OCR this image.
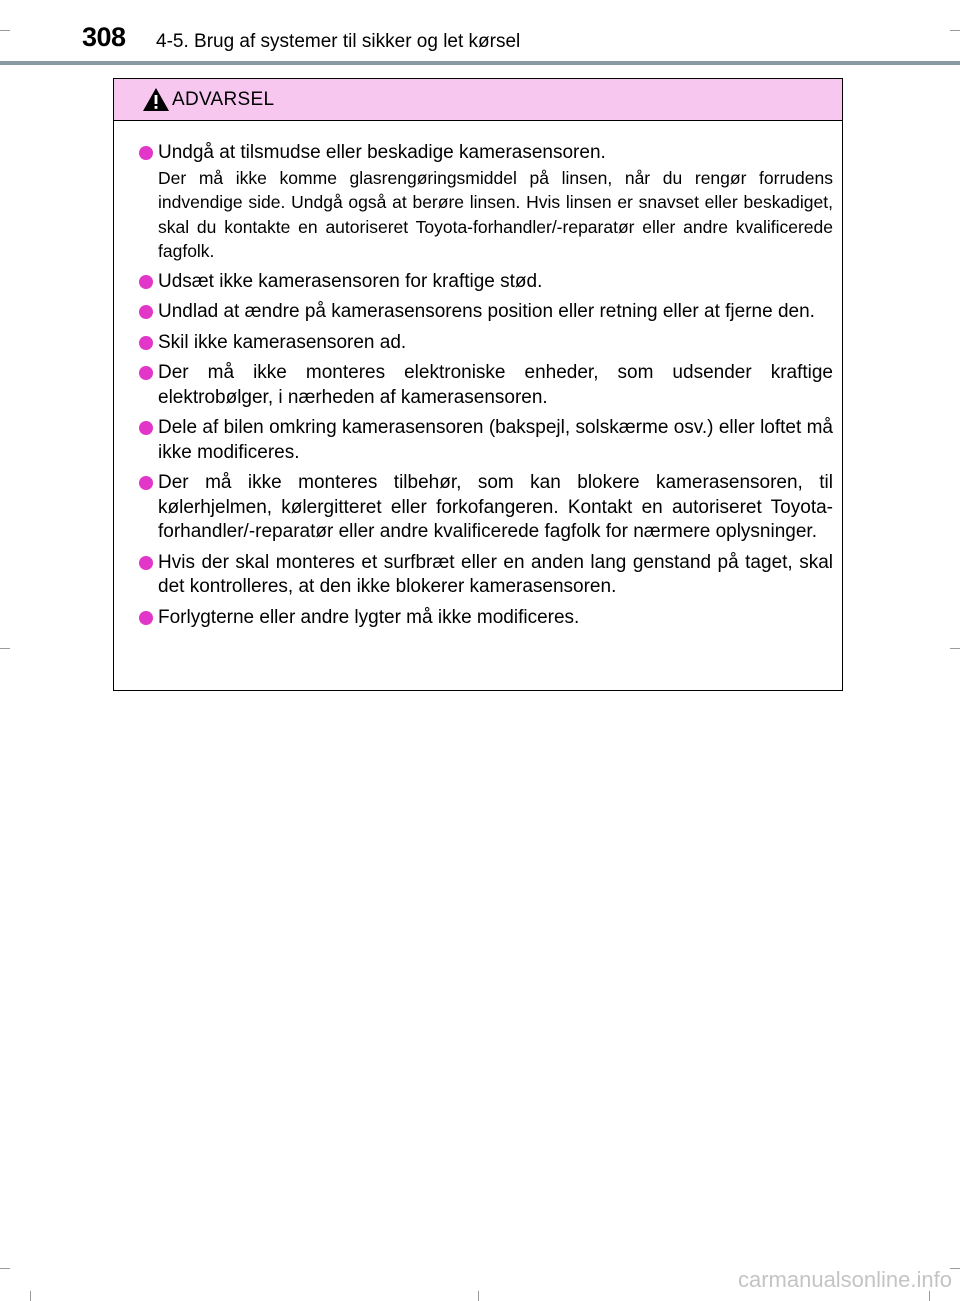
308 4-5. Brug af systemer til sikker og let kørsel
ADVARSEL
Undgå at tilsmudse eller beskadige kamerasensoren.
Der må ikke komme glasrengøringsmiddel på linsen, når du rengør forrudens indvendige side. Undgå også at berøre linsen. Hvis linsen er snavset eller beskadiget, skal du kontakte en autoriseret Toyota-forhandler/-reparatør eller andre kvalificerede fagfolk.
Udsæt ikke kamerasensoren for kraftige stød.
Undlad at ændre på kamerasensorens position eller retning eller at fjerne den.
Skil ikke kamerasensoren ad.
Der må ikke monteres elektroniske enheder, som udsender kraftige elektrobølger, i nærheden af kamerasensoren.
Dele af bilen omkring kamerasensoren (bakspejl, solskærme osv.) eller loftet må ikke modificeres.
Der må ikke monteres tilbehør, som kan blokere kamerasensoren, til kølerhjelmen, kølergitteret eller forkofangeren. Kontakt en autoriseret Toyota-forhandler/-reparatør eller andre kvalificerede fagfolk for nærmere oplysninger.
Hvis der skal monteres et surfbræt eller en anden lang genstand på taget, skal det kontrolleres, at den ikke blokerer kamerasensoren.
Forlygterne eller andre lygter må ikke modificeres.
carmanualsonline.info
